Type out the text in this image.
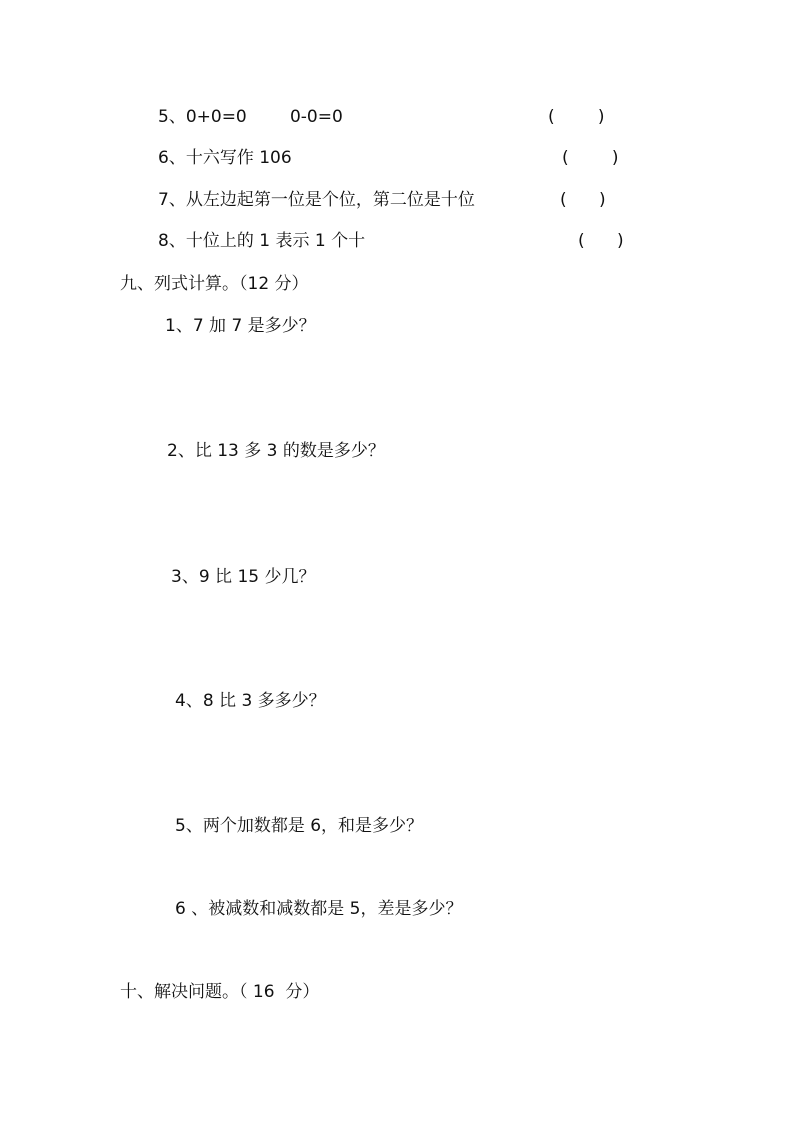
5、0+0=0        0-0=0	(        )
6、十六写作 106	(        )
7、从左边起第一位是个位，第二位是十位	(      )
8、十位上的 1 表示 1 个十	(      )
九、列式计算。（12 分）
1、7 加 7 是多少？
2、比 13 多 3 的数是多少？
3、9 比 15 少几？
4、8 比 3 多多少？
5、两个加数都是 6，和是多少？
6 、被减数和减数都是 5，差是多少？
十、解决问题。（ 16  分）
